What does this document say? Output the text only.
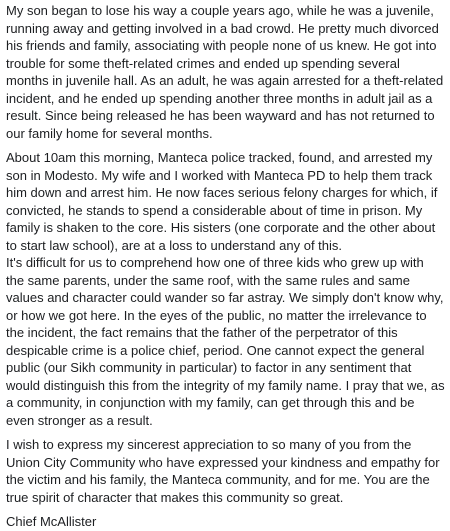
My son began to lose his way a couple years ago, while he was a juvenile, running away and getting involved in a bad crowd. He pretty much divorced his friends and family, associating with people none of us knew. He got into trouble for some theft-related crimes and ended up spending several months in juvenile hall. As an adult, he was again arrested for a theft-related incident, and he ended up spending another three months in adult jail as a result. Since being released he has been wayward and has not returned to our family home for several months.

About 10am this morning, Manteca police tracked, found, and arrested my son in Modesto. My wife and I worked with Manteca PD to help them track him down and arrest him. He now faces serious felony charges for which, if convicted, he stands to spend a considerable about of time in prison. My family is shaken to the core. His sisters (one corporate and the other about to start law school), are at a loss to understand any of this.

It's difficult for us to comprehend how one of three kids who grew up with the same parents, under the same roof, with the same rules and same values and character could wander so far astray. We simply don't know why, or how we got here. In the eyes of the public, no matter the irrelevance to the incident, the fact remains that the father of the perpetrator of this despicable crime is a police chief, period. One cannot expect the general public (our Sikh community in particular) to factor in any sentiment that would distinguish this from the integrity of my family name. I pray that we, as a community, in conjunction with my family, can get through this and be even stronger as a result.

I wish to express my sincerest appreciation to so many of you from the Union City Community who have expressed your kindness and empathy for the victim and his family, the Manteca community, and for me. You are the true spirit of character that makes this community so great.

Chief McAllister
